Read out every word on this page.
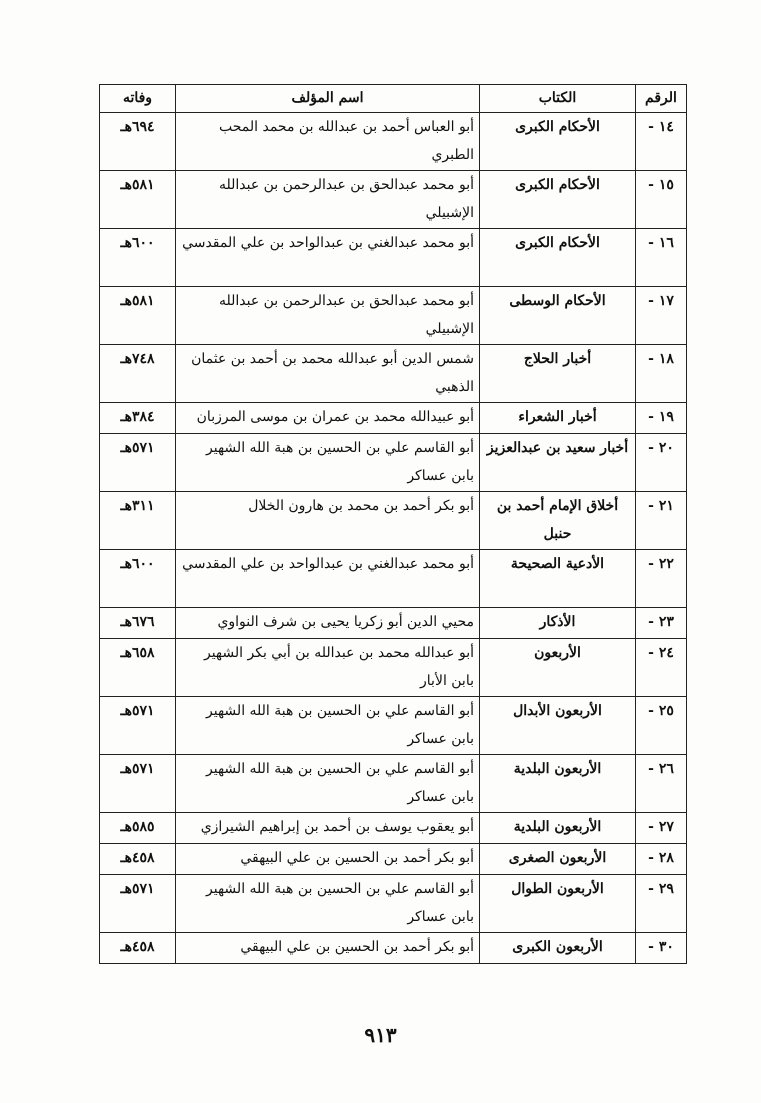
الرقم	الكتاب	اسم المؤلف	وفاته
١٤ -	الأحكام الكبرى	أبو العباس أحمد بن عبدالله بن محمد المحب الطبري	٦٩٤هـ
١٥ -	الأحكام الكبرى	أبو محمد عبدالحق بن عبدالرحمن بن عبدالله الإشبيلي	٥٨١هـ
١٦ -	الأحكام الكبرى	أبو محمد عبدالغني بن عبدالواحد بن علي المقدسي	٦٠٠هـ
١٧ -	الأحكام الوسطى	أبو محمد عبدالحق بن عبدالرحمن بن عبدالله الإشبيلي	٥٨١هـ
١٨ -	أخبار الحلاج	شمس الدين أبو عبدالله محمد بن أحمد بن عثمان الذهبي	٧٤٨هـ
١٩ -	أخبار الشعراء	أبو عبيدالله محمد بن عمران بن موسى المرزبان	٣٨٤هـ
٢٠ -	أخبار سعيد بن عبدالعزيز	أبو القاسم علي بن الحسين بن هبة الله الشهير بابن عساكر	٥٧١هـ
٢١ -	أخلاق الإمام أحمد بن حنبل	أبو بكر أحمد بن محمد بن هارون الخلال	٣١١هـ
٢٢ -	الأدعية الصحيحة	أبو محمد عبدالغني بن عبدالواحد بن علي المقدسي	٦٠٠هـ
٢٣ -	الأذكار	محيي الدين أبو زكريا يحيى بن شرف النواوي	٦٧٦هـ
٢٤ -	الأربعون	أبو عبدالله محمد بن عبدالله بن أبي بكر الشهير بابن الأبار	٦٥٨هـ
٢٥ -	الأربعون الأبدال	أبو القاسم علي بن الحسين بن هبة الله الشهير بابن عساكر	٥٧١هـ
٢٦ -	الأربعون البلدية	أبو القاسم علي بن الحسين بن هبة الله الشهير بابن عساكر	٥٧١هـ
٢٧ -	الأربعون البلدية	أبو يعقوب يوسف بن أحمد بن إبراهيم الشيرازي	٥٨٥هـ
٢٨ -	الأربعون الصغرى	أبو بكر أحمد بن الحسين بن علي البيهقي	٤٥٨هـ
٢٩ -	الأربعون الطوال	أبو القاسم علي بن الحسين بن هبة الله الشهير بابن عساكر	٥٧١هـ
٣٠ -	الأربعون الكبرى	أبو بكر أحمد بن الحسين بن علي البيهقي	٤٥٨هـ
٩١٣
